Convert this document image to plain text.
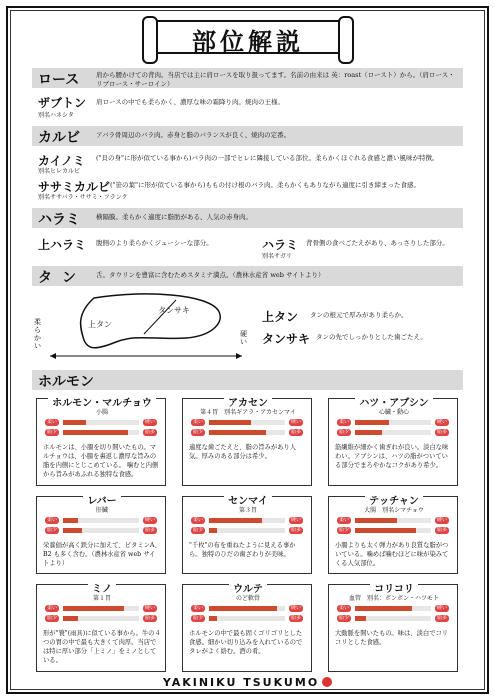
部位解説
ロース	肩から腰かけての背肉。当店では主に肩ロースを取り扱ってます。名前の由来は 英：roast（ロースト）から。（肩ロース・リブロース・サーロイン）
ザブトン
別名ハネシタ
肩ロースの中でも柔らかく、濃厚な味の霜降り肉。焼肉の王様。
カルビ アバラ骨周辺のバラ肉。赤身と脂のバランスが良く、焼肉の定番。
カイノミ
別名ヒレカルビ
("貝の身"に形が似ている事から)バラ肉の一部でヒレに隣接している部位。柔らかくほぐれる食感と濃い風味が特徴。
ササミカルビ
別名ササバラ・ササミ・フランク
("笹の葉"に形が似ている事から)ももの付け根のバラ肉。柔らかくもありながら適度に引き締まった食感。
ハラミ 横隔膜。柔らかく適度に脂肪がある、人気の赤身肉。
上ハラミ 腹側のより柔らかくジューシーな部分。	ハラミ
別名サガリ
背骨側の食べごたえがあり、あっさりした部分。
タン 舌。タウリンを豊富に含むためスタミナ満点。（農林水産省 web サイトより）
上タン
タンサキ
柔らかい
硬い
上タン タンの根元で厚みがあり柔らか。
タンサキ タンの先でしっかりとした歯ごたえ。
ホルモン
ホルモン・マルチョウ
小腸
柔い	硬い
脂少	脂多
ホルモンは、小腸を切り開いたもの。マルチョウは、小腸を裏返し濃厚な旨みの脂を内側にとじこめている。 噛むと内側から旨みがあふれる独特な食感。
アカセン
第４胃　別名ギアラ・アカセンマイ
柔い	硬い
脂少	脂多
適度な歯ごたえと、脂の旨みがあり人気。厚みのある部分は希少。
ハツ・アブシン
心臓・動心
柔い	硬い
脂少	脂多
筋繊維が細かく歯ぎれが良い。淡白な味わい。アブシンは、ハツの脂がついている部分でまろやかなコクがあり希少。
レバー
肝臓
柔い	硬い
脂少	脂多
栄養価が高く鉄分に加えて、ビタミンA、B2 も多く含む。（農林水産省 web サイトより）
センマイ
第３胃
柔い	硬い
脂少	脂多
"千枚"の布を重ねたように見える事から。独特のひだの歯ざわりが美味。
テッチャン
大腸　別名シマチョウ
柔い	硬い
脂少	脂多
小腸よりも太く弾力があり良質な脂がついている。噛めば噛むほどに味が染みてくる人気部位。
ミノ
第１胃
柔い	硬い
脂少	脂多
形が"簑"(雨具)に似ている事から。牛の４つの胃の中で最も大きくて肉厚。当店では特に厚い部分「上ミノ」をミノとしている。
ウルテ
のど軟骨
柔い	硬い
脂少	脂多
ホルモンの中で最も固くゴリゴリとした食感。細かい切り込みを入れているのでタレがよく絡む。酒の肴。
コリコリ
血管　別名：ボンボン・ハツモト
柔い	硬い
脂少	脂多
大動脈を開いたもの。味は、淡白でコリコリとした食感。
YAKINIKU TSUKUMO
